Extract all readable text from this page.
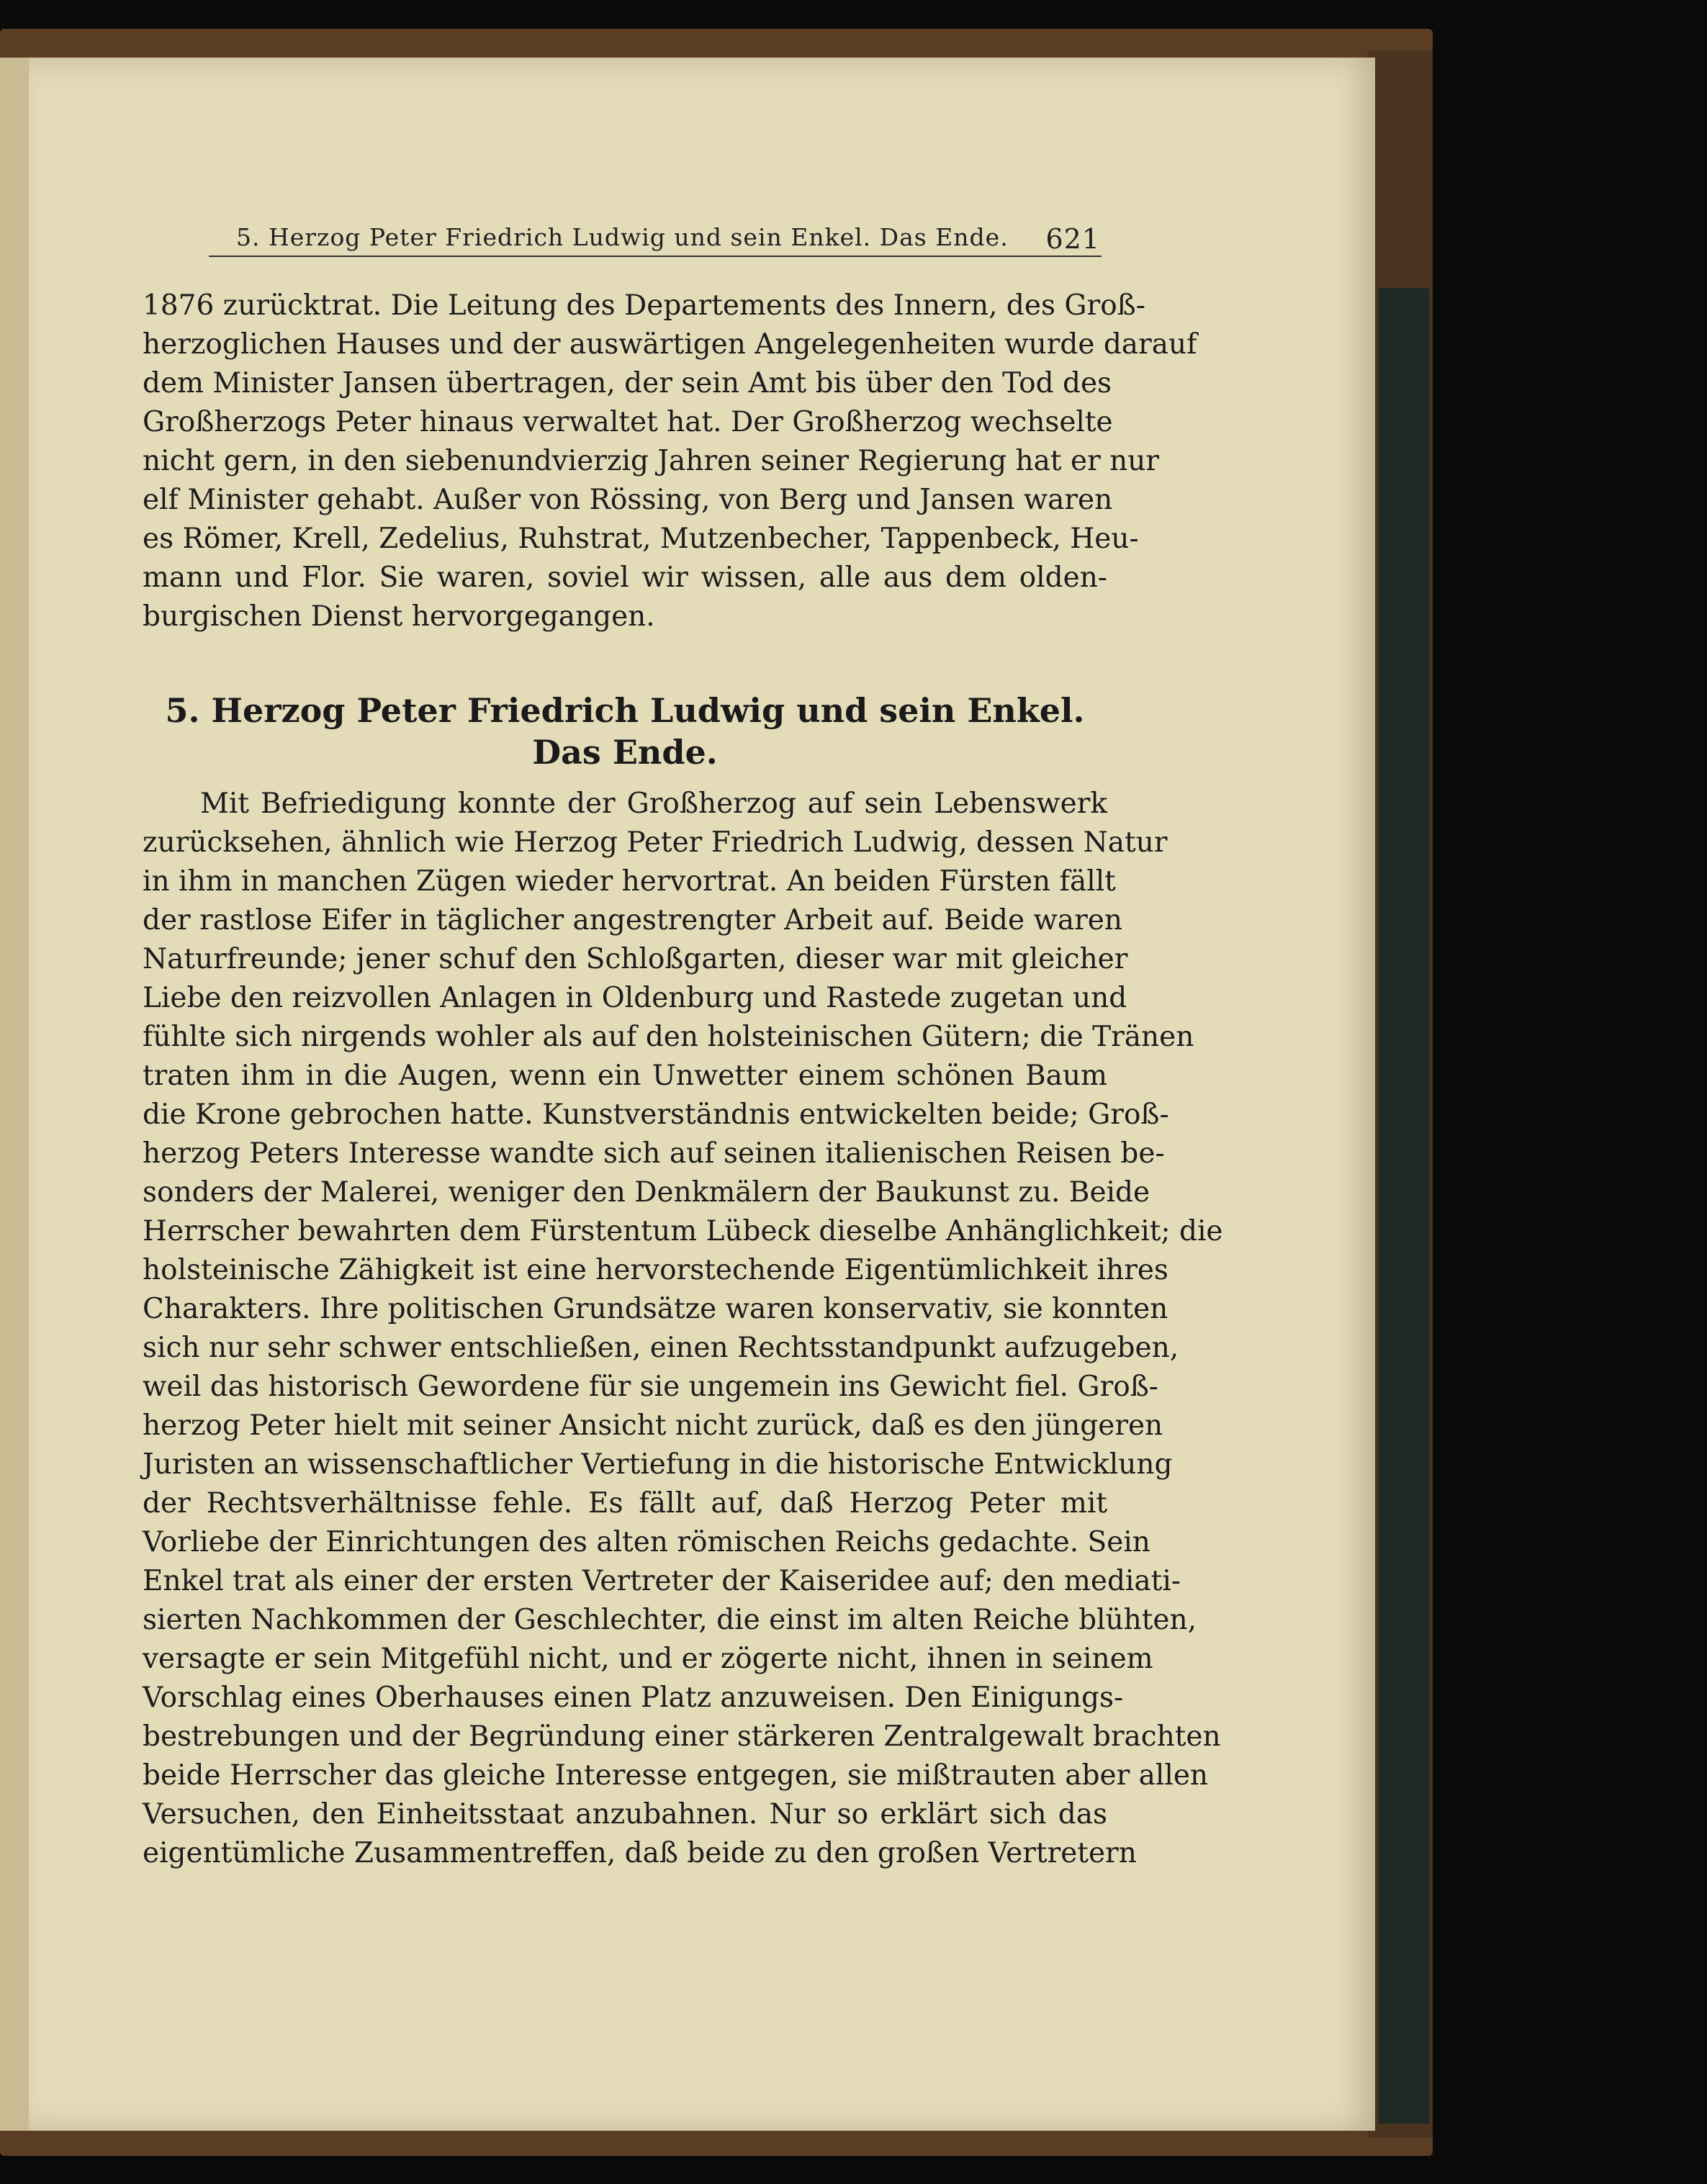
5. Herzog Peter Friedrich Ludwig und sein Enkel. Das Ende. 621
1876 zurücktrat. Die Leitung des Departements des Innern, des Groß-
herzoglichen Hauses und der auswärtigen Angelegenheiten wurde darauf
dem Minister Jansen übertragen, der sein Amt bis über den Tod des
Großherzogs Peter hinaus verwaltet hat. Der Großherzog wechselte
nicht gern, in den siebenundvierzig Jahren seiner Regierung hat er nur
elf Minister gehabt. Außer von Rössing, von Berg und Jansen waren
es Römer, Krell, Zedelius, Ruhstrat, Mutzenbecher, Tappenbeck, Heu-
mann und Flor. Sie waren, soviel wir wissen, alle aus dem olden-
burgischen Dienst hervorgegangen.
5. Herzog Peter Friedrich Ludwig und sein Enkel.
Das Ende.
Mit Befriedigung konnte der Großherzog auf sein Lebenswerk
zurücksehen, ähnlich wie Herzog Peter Friedrich Ludwig, dessen Natur
in ihm in manchen Zügen wieder hervortrat. An beiden Fürsten fällt
der rastlose Eifer in täglicher angestrengter Arbeit auf. Beide waren
Naturfreunde; jener schuf den Schloßgarten, dieser war mit gleicher
Liebe den reizvollen Anlagen in Oldenburg und Rastede zugetan und
fühlte sich nirgends wohler als auf den holsteinischen Gütern; die Tränen
traten ihm in die Augen, wenn ein Unwetter einem schönen Baum
die Krone gebrochen hatte. Kunstverständnis entwickelten beide; Groß-
herzog Peters Interesse wandte sich auf seinen italienischen Reisen be-
sonders der Malerei, weniger den Denkmälern der Baukunst zu. Beide
Herrscher bewahrten dem Fürstentum Lübeck dieselbe Anhänglichkeit; die
holsteinische Zähigkeit ist eine hervorstechende Eigentümlichkeit ihres
Charakters. Ihre politischen Grundsätze waren konservativ, sie konnten
sich nur sehr schwer entschließen, einen Rechtsstandpunkt aufzugeben,
weil das historisch Gewordene für sie ungemein ins Gewicht fiel. Groß-
herzog Peter hielt mit seiner Ansicht nicht zurück, daß es den jüngeren
Juristen an wissenschaftlicher Vertiefung in die historische Entwicklung
der Rechtsverhältnisse fehle. Es fällt auf, daß Herzog Peter mit
Vorliebe der Einrichtungen des alten römischen Reichs gedachte. Sein
Enkel trat als einer der ersten Vertreter der Kaiseridee auf; den mediati-
sierten Nachkommen der Geschlechter, die einst im alten Reiche blühten,
versagte er sein Mitgefühl nicht, und er zögerte nicht, ihnen in seinem
Vorschlag eines Oberhauses einen Platz anzuweisen. Den Einigungs-
bestrebungen und der Begründung einer stärkeren Zentralgewalt brachten
beide Herrscher das gleiche Interesse entgegen, sie mißtrauten aber allen
Versuchen, den Einheitsstaat anzubahnen. Nur so erklärt sich das
eigentümliche Zusammentreffen, daß beide zu den großen Vertretern
